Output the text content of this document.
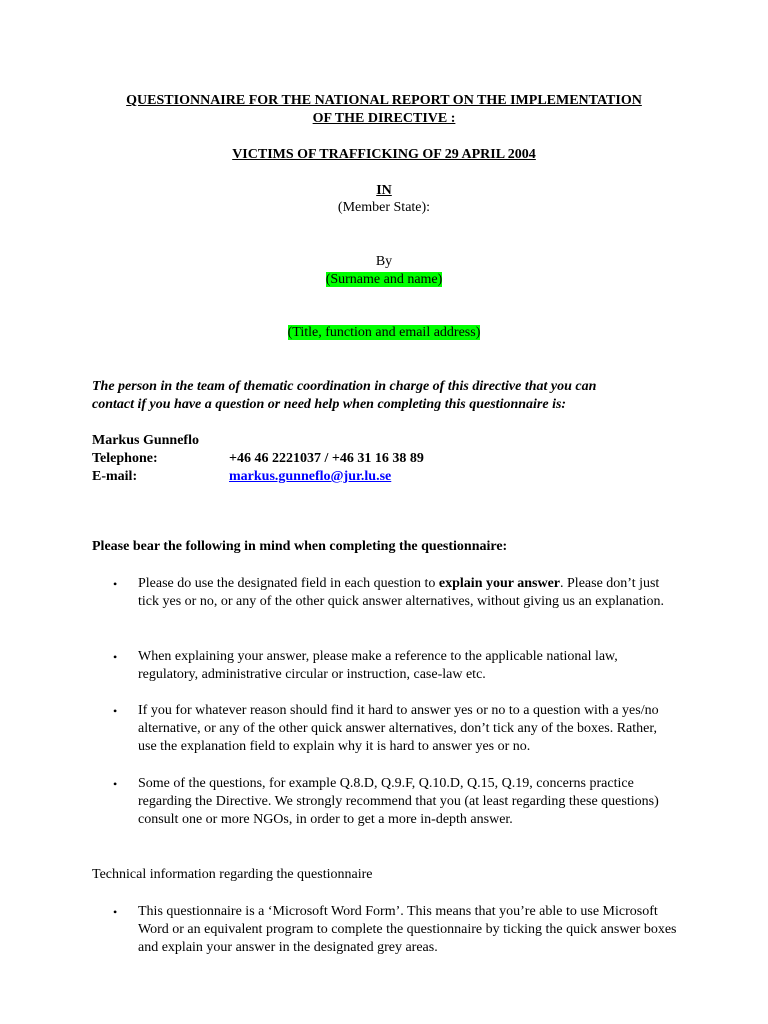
QUESTIONNAIRE FOR THE NATIONAL REPORT ON THE IMPLEMENTATION
OF THE DIRECTIVE :
VICTIMS OF TRAFFICKING OF 29 APRIL 2004
IN
(Member State):
By
(Surname and name)
(Title, function and email address)
The person in the team of thematic coordination in charge of this directive that you can
contact if you have a question or need help when completing this questionnaire is:
Markus Gunneflo
Telephone:	+46 46 2221037 / +46 31 16 38 89
E-mail:	markus.gunneflo@jur.lu.se
Please bear the following in mind when completing the questionnaire:
• Please do use the designated field in each question to explain your answer. Please don’t just tick yes or no, or any of the other quick answer alternatives, without giving us an explanation.
• When explaining your answer, please make a reference to the applicable national law, regulatory, administrative circular or instruction, case-law etc.
• If you for whatever reason should find it hard to answer yes or no to a question with a yes/no alternative, or any of the other quick answer alternatives, don’t tick any of the boxes. Rather, use the explanation field to explain why it is hard to answer yes or no.
• Some of the questions, for example Q.8.D, Q.9.F, Q.10.D, Q.15, Q.19, concerns practice regarding the Directive. We strongly recommend that you (at least regarding these questions) consult one or more NGOs, in order to get a more in-depth answer.
Technical information regarding the questionnaire
• This questionnaire is a ‘Microsoft Word Form’. This means that you’re able to use Microsoft Word or an equivalent program to complete the questionnaire by ticking the quick answer boxes and explain your answer in the designated grey areas.
